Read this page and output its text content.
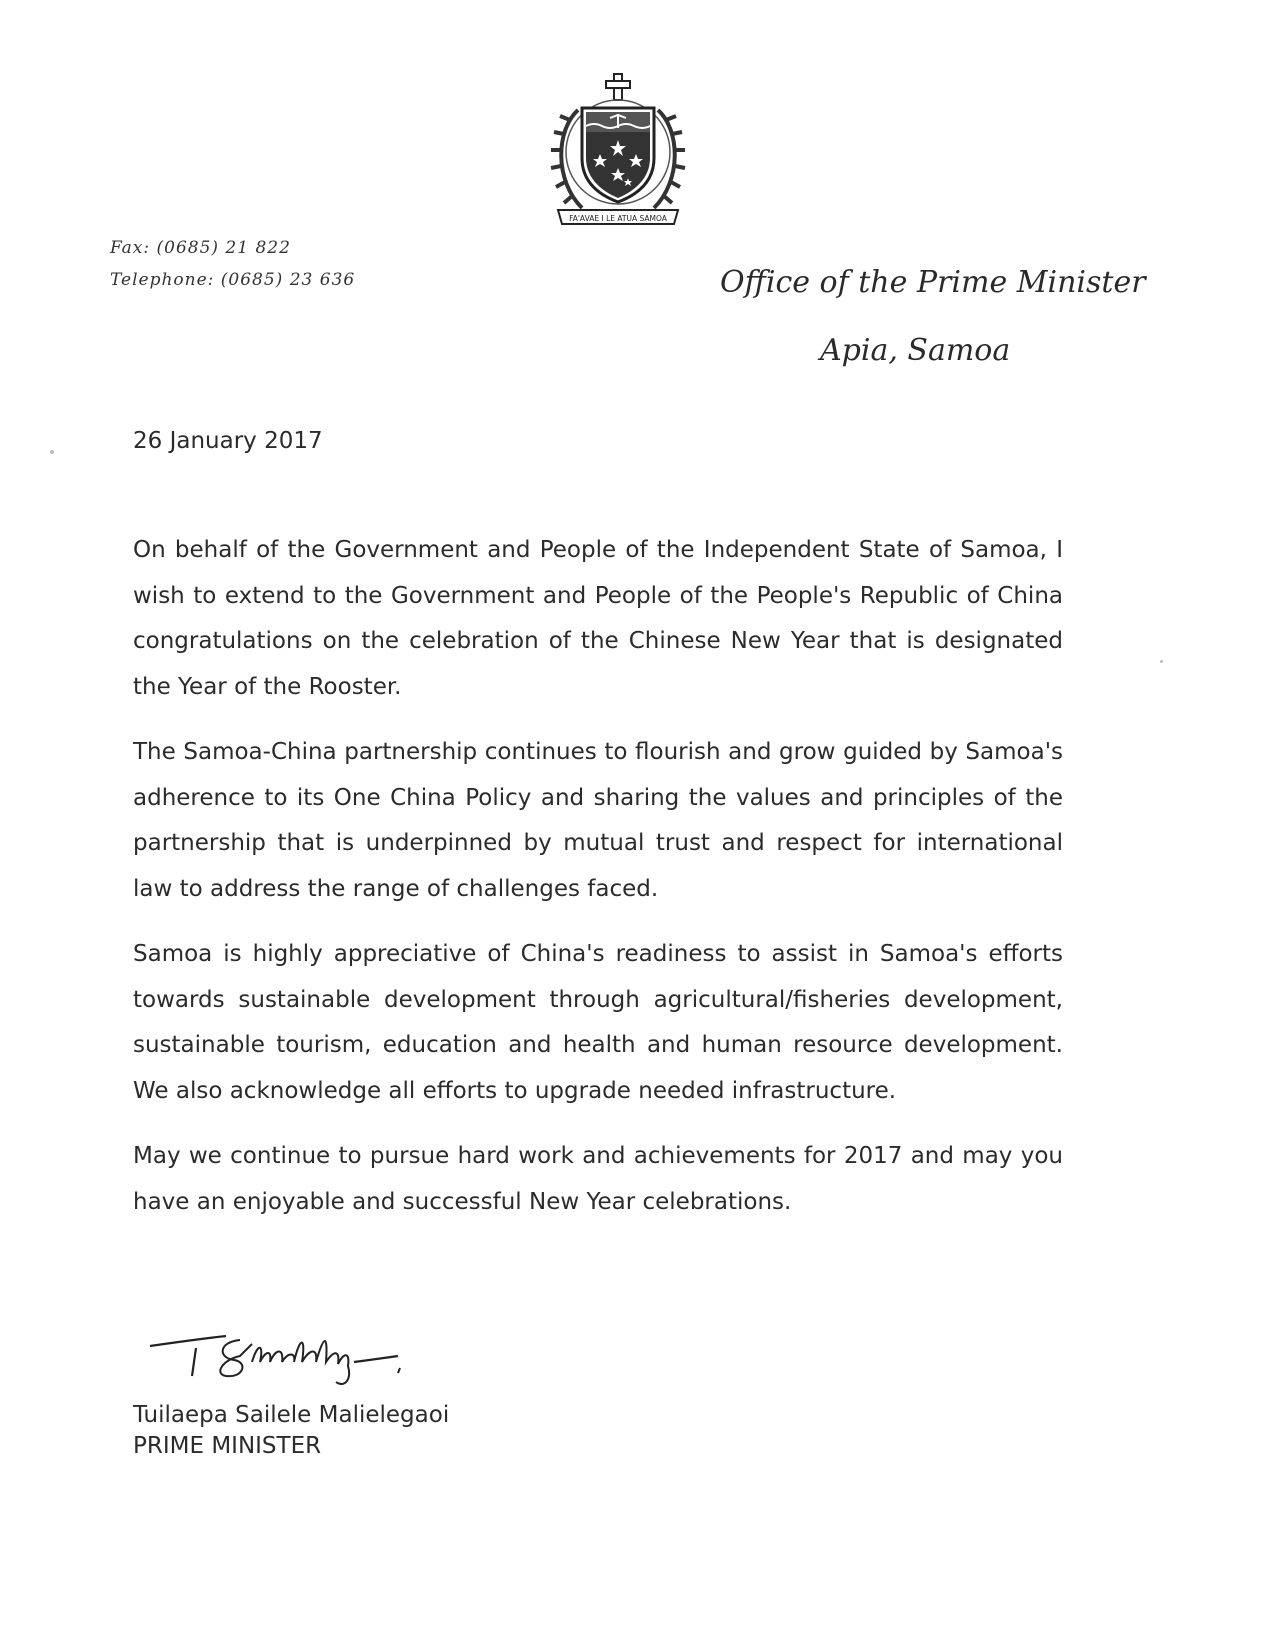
FA'AVAE I LE ATUA SAMOA
Fax: (0685) 21 822
Telephone: (0685) 23 636	Office of the Prime Minister
Apia, Samoa
26 January 2017

On behalf of the Government and People of the Independent State of Samoa, I wish to extend to the Government and People of the People's Republic of China congratulations on the celebration of the Chinese New Year that is designated the Year of the Rooster.

The Samoa-China partnership continues to flourish and grow guided by Samoa's adherence to its One China Policy and sharing the values and principles of the partnership that is underpinned by mutual trust and respect for international law to address the range of challenges faced.

Samoa is highly appreciative of China's readiness to assist in Samoa's efforts towards sustainable development through agricultural/fisheries development, sustainable tourism, education and health and human resource development. We also acknowledge all efforts to upgrade needed infrastructure.

May we continue to pursue hard work and achievements for 2017 and may you have an enjoyable and successful New Year celebrations.

Tuilaepa Sailele Malielegaoi
PRIME MINISTER
